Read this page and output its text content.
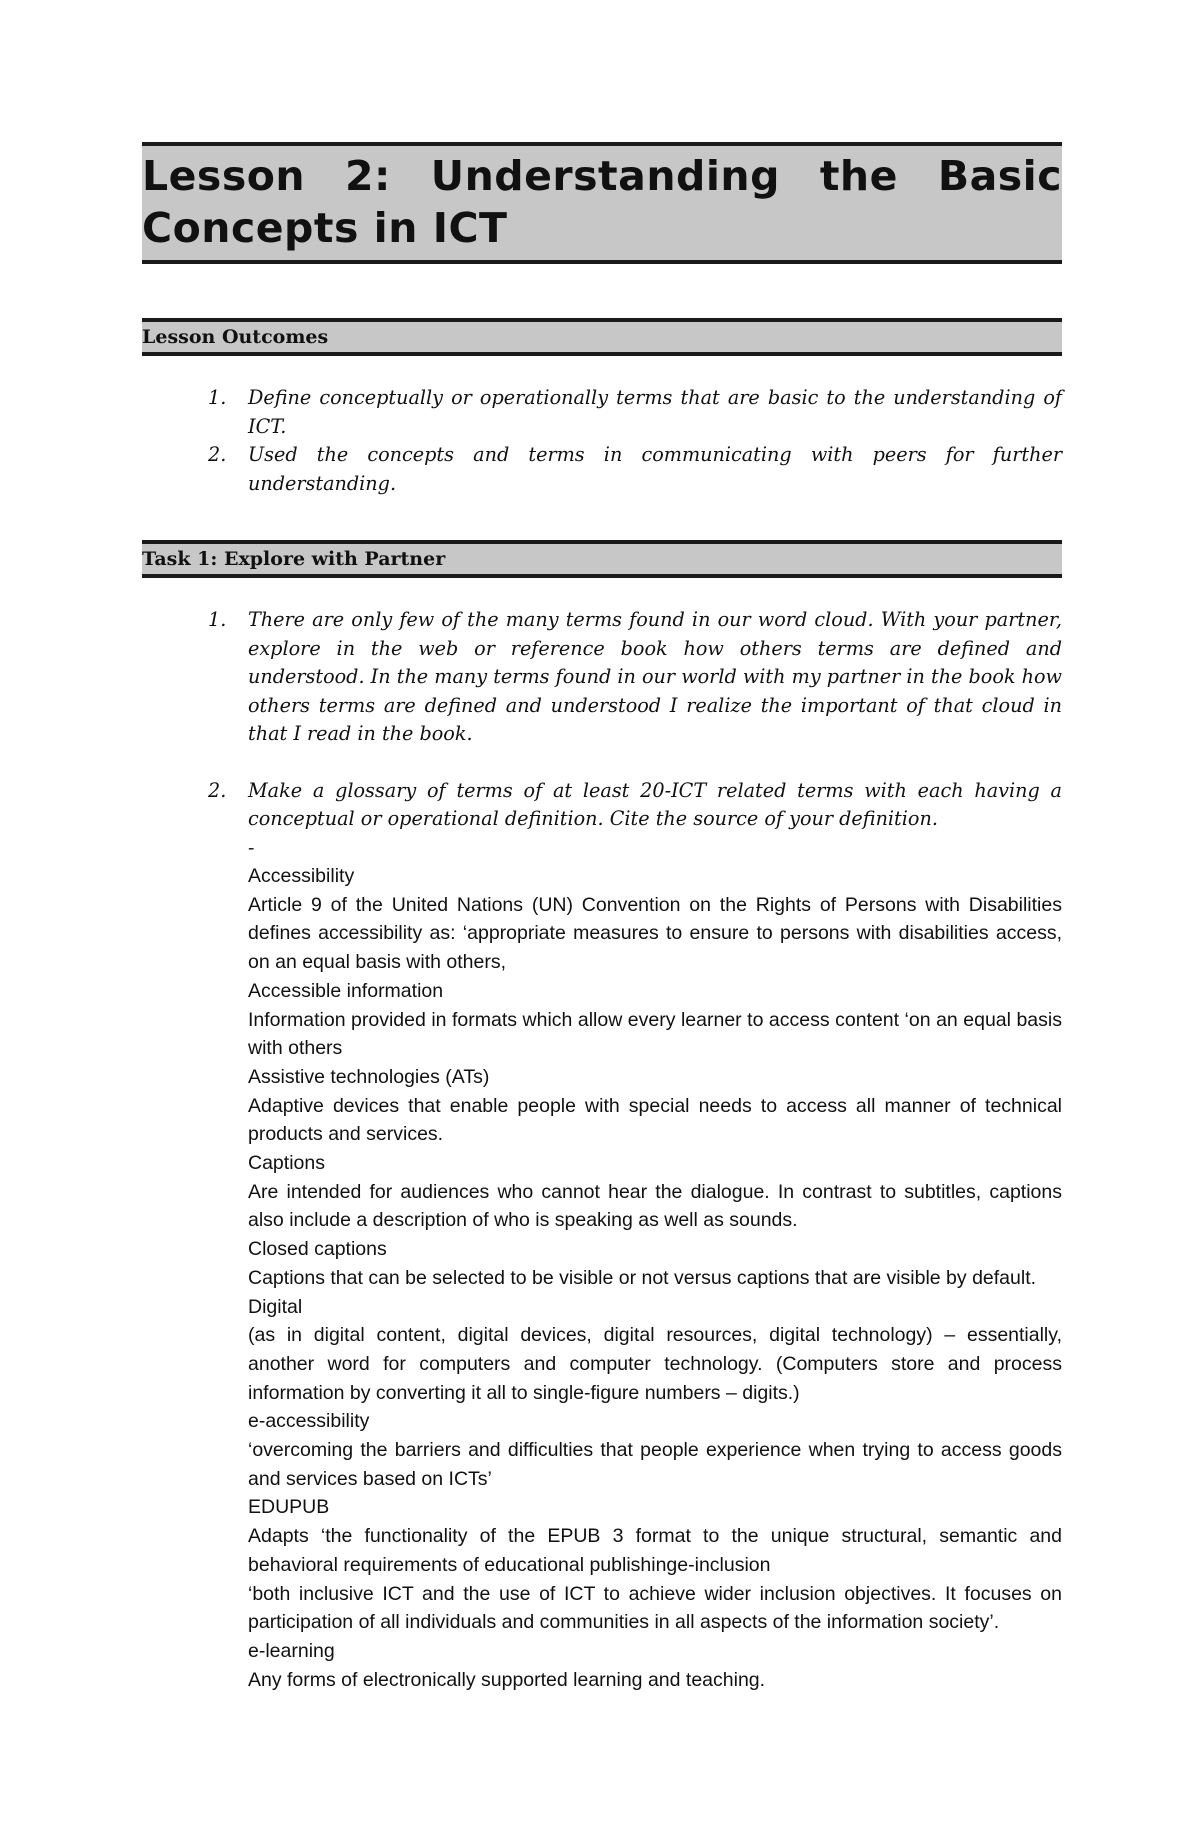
Lesson 2: Understanding the Basic Concepts in ICT
Lesson Outcomes
1. Define conceptually or operationally terms that are basic to the understanding of ICT.
2. Used the concepts and terms in communicating with peers for further understanding.
Task 1: Explore with Partner
1. There are only few of the many terms found in our word cloud. With your partner, explore in the web or reference book how others terms are defined and understood. In the many terms found in our world with my partner in the book how others terms are defined and understood I realize the important of that cloud in that I read in the book.
2. Make a glossary of terms of at least 20-ICT related terms with each having a conceptual or operational definition. Cite the source of your definition.
-

Accessibility

Article 9 of the United Nations (UN) Convention on the Rights of Persons with Disabilities defines accessibility as: ‘appropriate measures to ensure to persons with disabilities access, on an equal basis with others,

Accessible information

Information provided in formats which allow every learner to access content ‘on an equal basis with others

Assistive technologies (ATs)

Adaptive devices that enable people with special needs to access all manner of technical products and services.

Captions

Are intended for audiences who cannot hear the dialogue. In contrast to subtitles, captions also include a description of who is speaking as well as sounds.

Closed captions

Captions that can be selected to be visible or not versus captions that are visible by default.

Digital

(as in digital content, digital devices, digital resources, digital technology) – essentially, another word for computers and computer technology. (Computers store and process information by converting it all to single-figure numbers – digits.)

e-accessibility

‘overcoming the barriers and difficulties that people experience when trying to access goods and services based on ICTs’

EDUPUB

Adapts ‘the functionality of the EPUB 3 format to the unique structural, semantic and behavioral requirements of educational publishinge-inclusion

‘both inclusive ICT and the use of ICT to achieve wider inclusion objectives. It focuses on participation of all individuals and communities in all aspects of the information society’.

e-learning

Any forms of electronically supported learning and teaching.
